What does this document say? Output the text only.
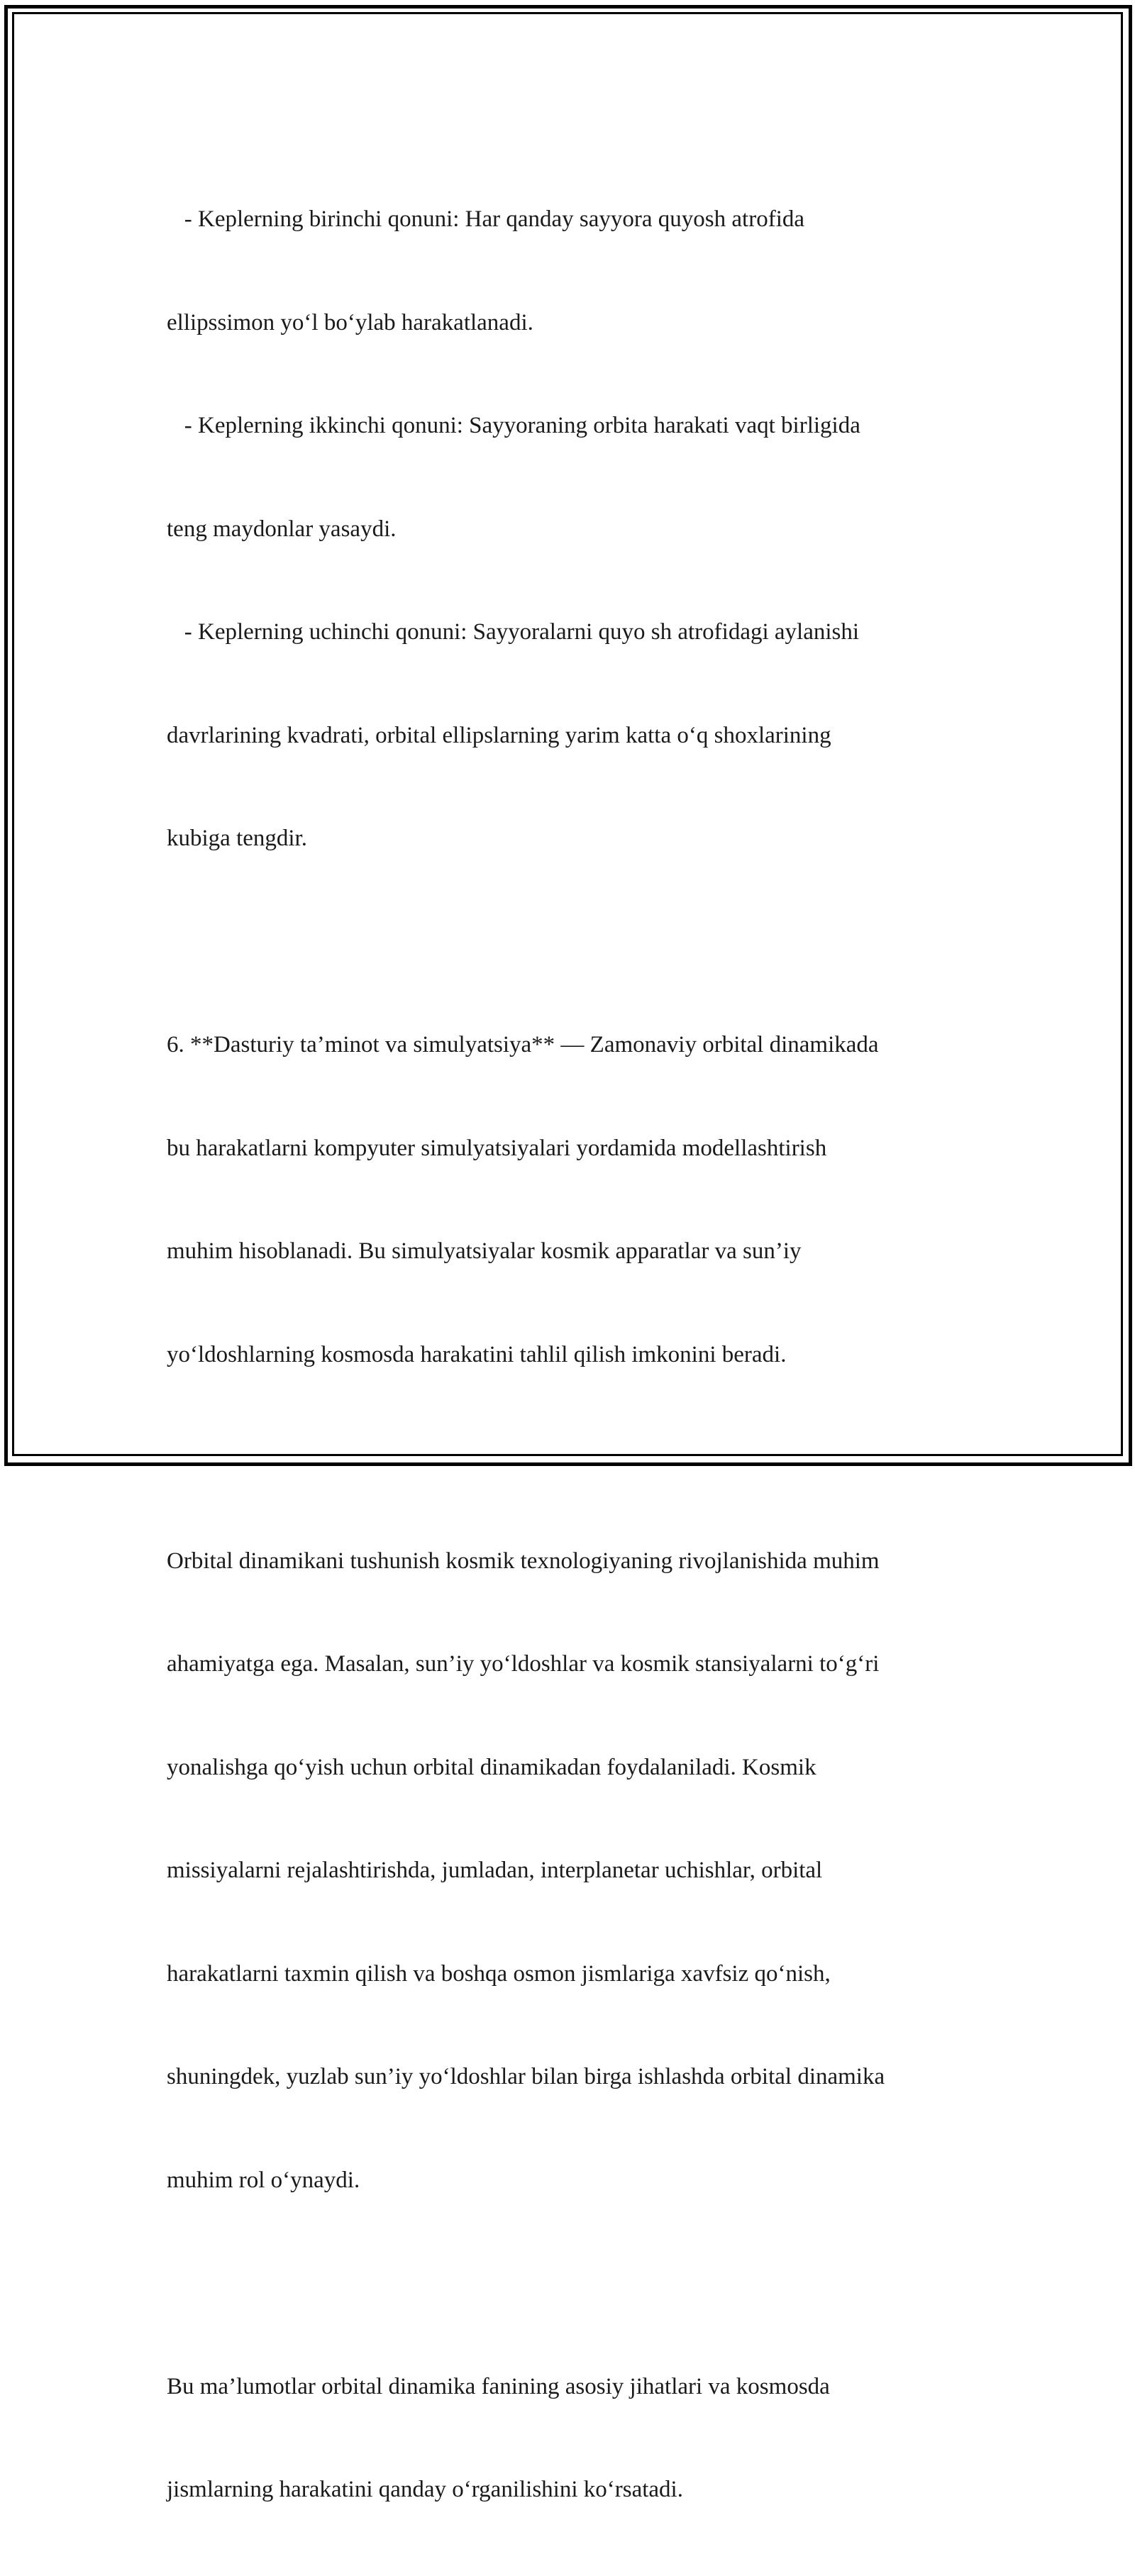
- Keplerning birinchi qonuni: Har qanday sayyora quyosh atrofida

ellipssimon yo‘l bo‘ylab harakatlanadi.

- Keplerning ikkinchi qonuni: Sayyoraning orbita harakati vaqt birligida

teng maydonlar yasaydi.

- Keplerning uchinchi qonuni: Sayyoralarni quyo sh atrofidagi aylanishi

davrlarining kvadrati, orbital ellipslarning yarim katta o‘q shoxlarining

kubiga tengdir.

6. **Dasturiy ta’minot va simulyatsiya** — Zamonaviy orbital dinamikada

bu harakatlarni kompyuter simulyatsiyalari yordamida modellashtirish

muhim hisoblanadi. Bu simulyatsiyalar kosmik apparatlar va sun’iy

yo‘ldoshlarning kosmosda harakatini tahlil qilish imkonini beradi.

Orbital dinamikani tushunish kosmik texnologiyaning rivojlanishida muhim

ahamiyatga ega. Masalan, sun’iy yo‘ldoshlar va kosmik stansiyalarni to‘g‘ri

yonalishga qo‘yish uchun orbital dinamikadan foydalaniladi. Kosmik

missiyalarni rejalashtirishda, jumladan, interplanetar uchishlar, orbital

harakatlarni taxmin qilish va boshqa osmon jismlariga xavfsiz qo‘nish,

shuningdek, yuzlab sun’iy yo‘ldoshlar bilan birga ishlashda orbital dinamika

muhim rol o‘ynaydi.

Bu ma’lumotlar orbital dinamika fanining asosiy jihatlari va kosmosda

jismlarning harakatini qanday o‘rganilishini ko‘rsatadi.
